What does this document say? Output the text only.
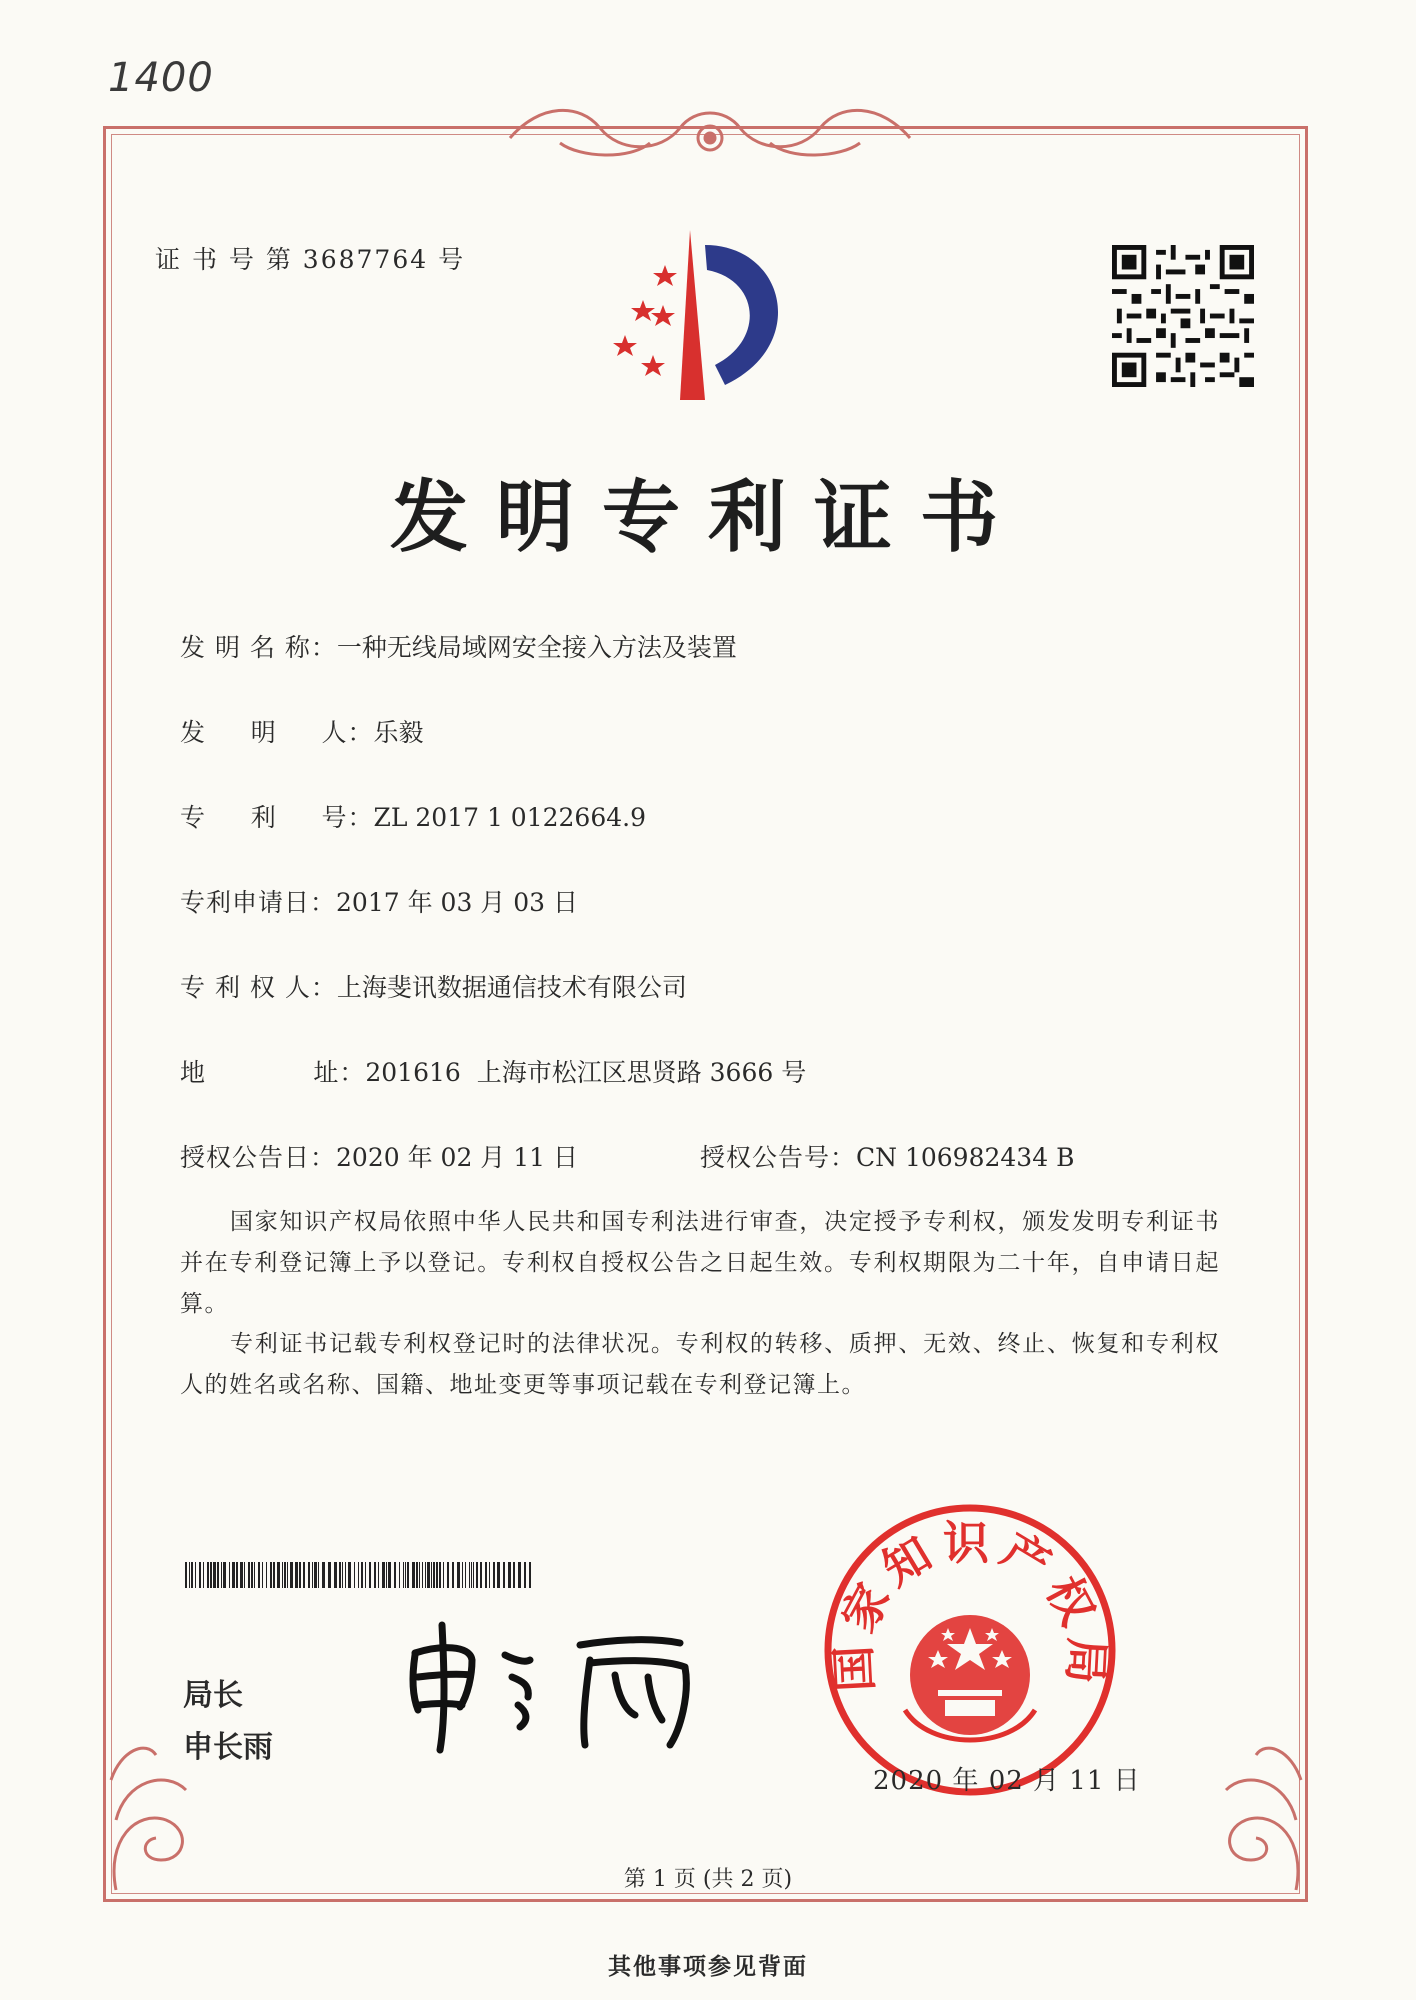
1400
证 书 号 第 3687764 号
发明专利证书
发 明 名 称：一种无线局域网安全接入方法及装置
发     明     人：乐毅
专     利     号：ZL 2017 1 0122664.9
专利申请日：2017 年 03 月 03 日
专 利 权 人：上海斐讯数据通信技术有限公司
地            址：201616  上海市松江区思贤路 3666 号
授权公告日：2020 年 02 月 11 日	授权公告号：CN 106982434 B
国家知识产权局依照中华人民共和国专利法进行审查，决定授予专利权，颁发发明专利证书并在专利登记簿上予以登记。专利权自授权公告之日起生效。专利权期限为二十年，自申请日起算。
专利证书记载专利权登记时的法律状况。专利权的转移、质押、无效、终止、恢复和专利权人的姓名或名称、国籍、地址变更等事项记载在专利登记簿上。
局长
申长雨
国家知识产权局
2020 年 02 月 11 日
第 1 页 (共 2 页)
其他事项参见背面
